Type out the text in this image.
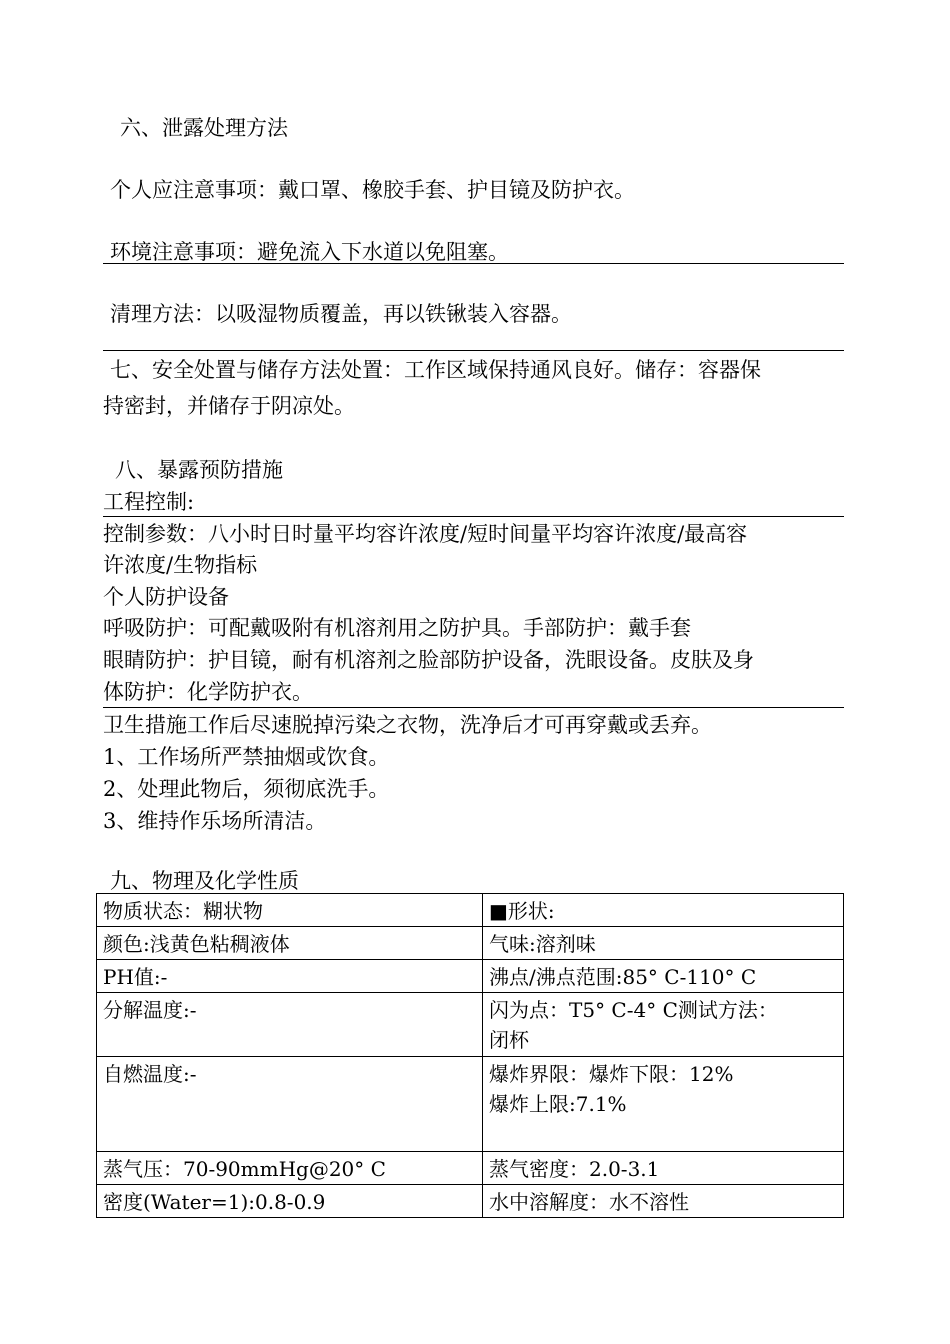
六、泄露处理方法
个人应注意事项：戴口罩、橡胶手套、护目镜及防护衣。
环境注意事项：避免流入下水道以免阻塞。
清理方法：以吸湿物质覆盖，再以铁锹装入容器。
七、安全处置与储存方法处置：工作区域保持通风良好。储存：容器保
持密封，并储存于阴凉处。
八、暴露预防措施
工程控制:
控制参数：八小时日时量平均容许浓度/短时间量平均容许浓度/最高容
许浓度/生物指标
个人防护设备
呼吸防护：可配戴吸附有机溶剂用之防护具。手部防护：戴手套
眼睛防护：护目镜，耐有机溶剂之脸部防护设备，洗眼设备。皮肤及身
体防护：化学防护衣。
卫生措施工作后尽速脱掉污染之衣物，洗净后才可再穿戴或丢弃。
1、工作场所严禁抽烟或饮食。
2、处理此物后，须彻底洗手。
3、维持作乐场所清洁。
九、物理及化学性质
物质状态：糊状物	■形状:
颜色:浅黄色粘稠液体	气味:溶剂味
PH值:-	沸点/沸点范围:85° C-110° C
分解温度:-	闪为点：T5° C-4° C测试方法：
闭杯

自燃温度:-	爆炸界限：爆炸下限：12%
爆炸上限:7.1%

蒸气压：70-90mmHg@20° C	蒸气密度：2.0-3.1
密度(Water=1):0.8-0.9	水中溶解度：水不溶性
